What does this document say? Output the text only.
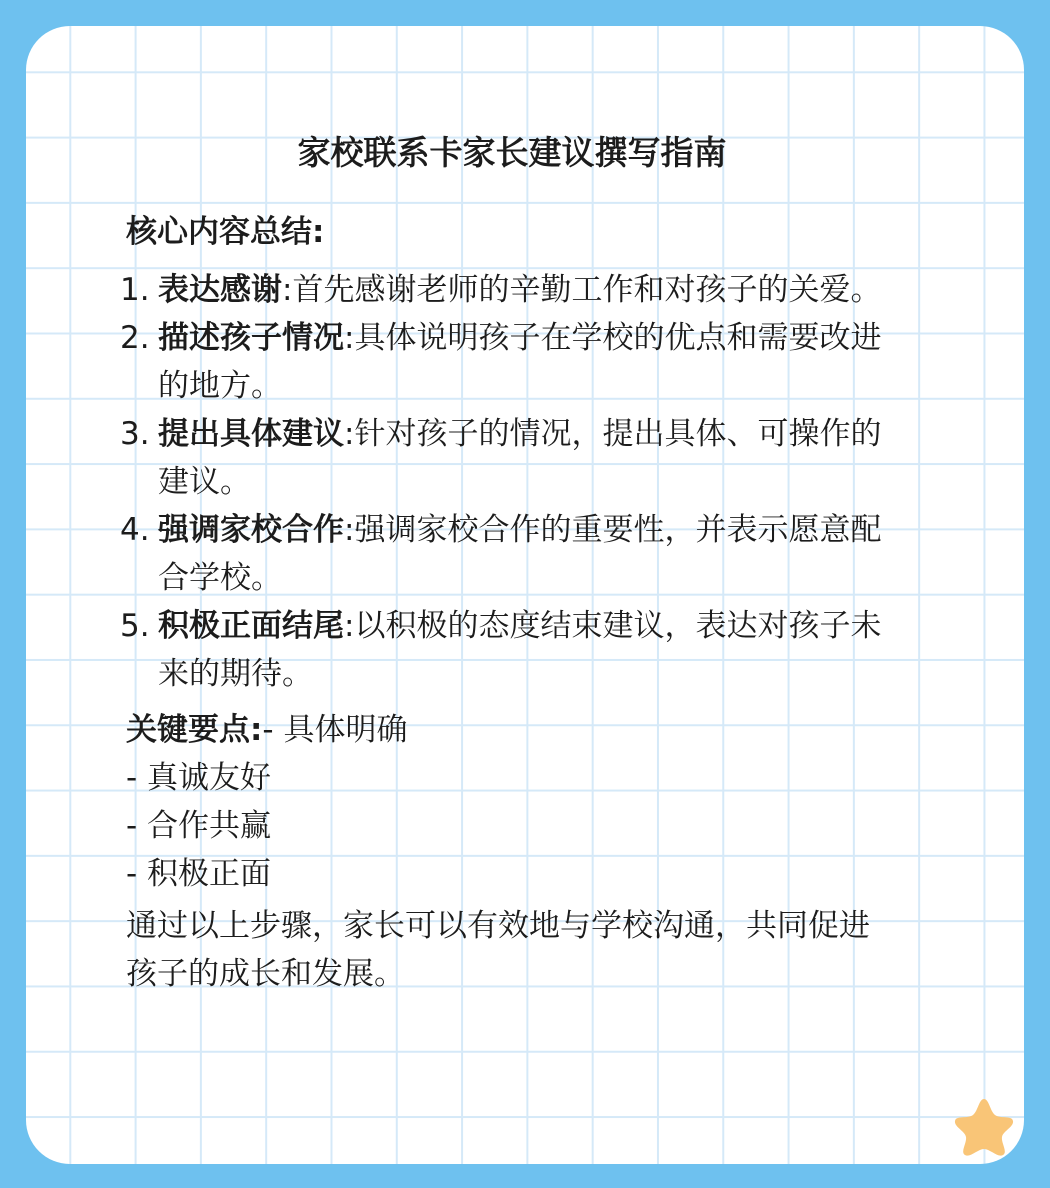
家校联系卡家长建议撰写指南
核心内容总结:
1. 表达感谢:首先感谢老师的辛勤工作和对孩子的关爱。
2. 描述孩子情况:具体说明孩子在学校的优点和需要改进的地方。
3. 提出具体建议:针对孩子的情况，提出具体、可操作的建议。
4. 强调家校合作:强调家校合作的重要性，并表示愿意配合学校。
5. 积极正面结尾:以积极的态度结束建议，表达对孩子未来的期待。
关键要点:- 具体明确
- 真诚友好
- 合作共赢
- 积极正面
通过以上步骤，家长可以有效地与学校沟通，共同促进孩子的成长和发展。
